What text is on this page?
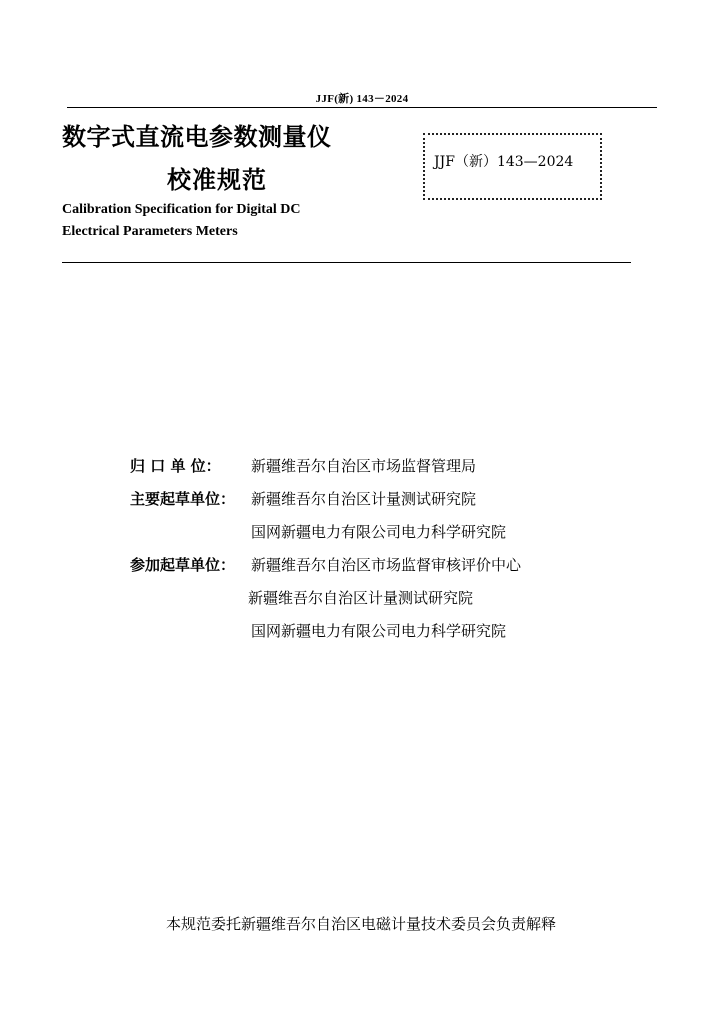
JJF(新) 143－2024
数字式直流电参数测量仪
校准规范
Calibration Specification for Digital DC
Electrical Parameters Meters
JJF（新）143—2024
归 口 单 位： 新疆维吾尔自治区市场监督管理局
主要起草单位： 新疆维吾尔自治区计量测试研究院
国网新疆电力有限公司电力科学研究院
参加起草单位： 新疆维吾尔自治区市场监督审核评价中心
新疆维吾尔自治区计量测试研究院
国网新疆电力有限公司电力科学研究院
本规范委托新疆维吾尔自治区电磁计量技术委员会负责解释
